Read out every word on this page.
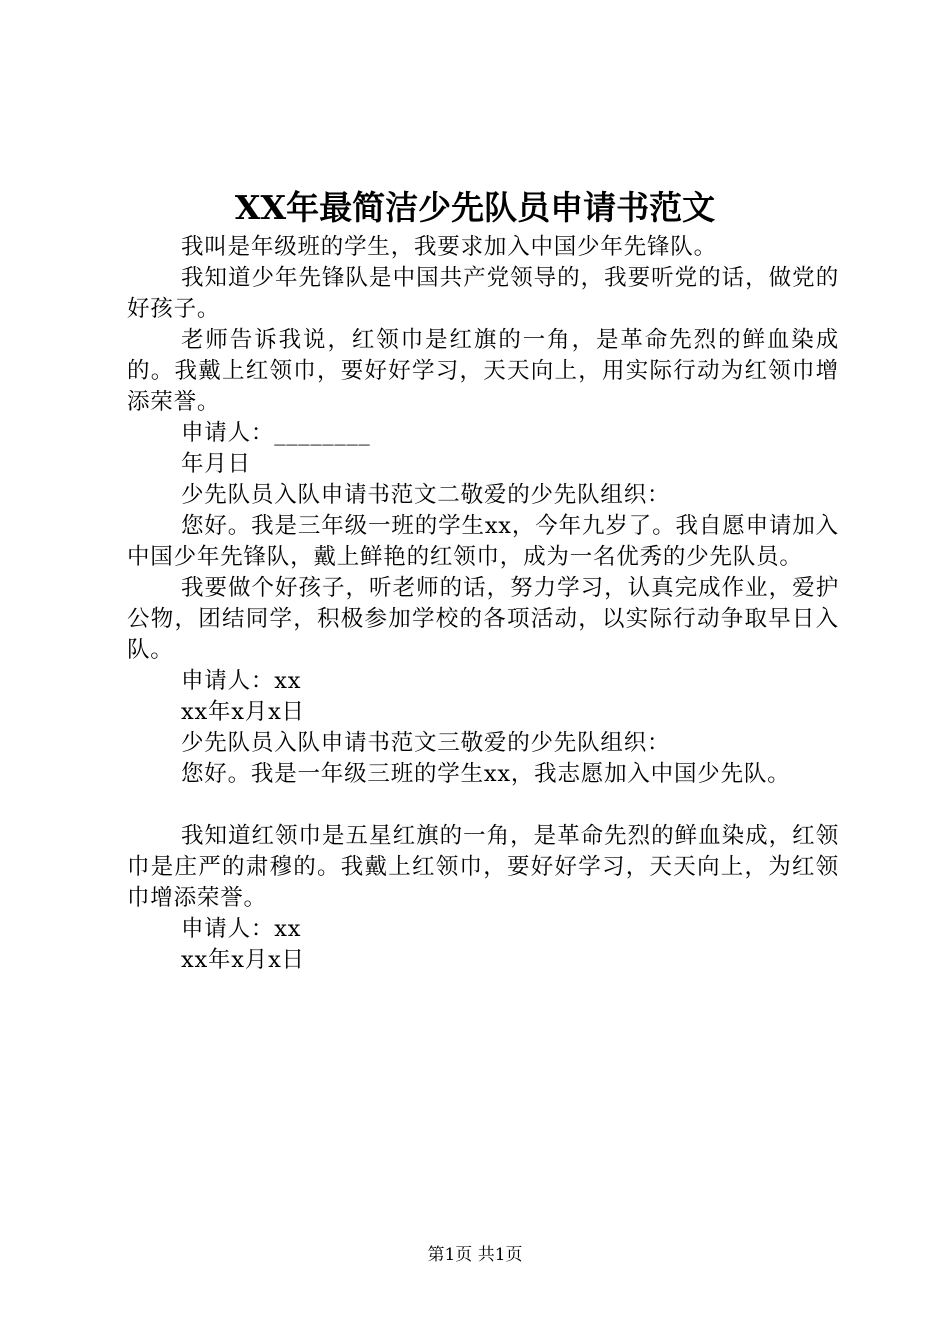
XX年最简洁少先队员申请书范文

我叫是年级班的学生，我要求加入中国少年先锋队。

我知道少年先锋队是中国共产党领导的，我要听党的话，做党的好孩子。

老师告诉我说，红领巾是红旗的一角，是革命先烈的鲜血染成的。我戴上红领巾，要好好学习，天天向上，用实际行动为红领巾增添荣誉。

申请人：________

年月日

少先队员入队申请书范文二敬爱的少先队组织：

您好。我是三年级一班的学生xx，今年九岁了。我自愿申请加入中国少年先锋队，戴上鲜艳的红领巾，成为一名优秀的少先队员。

我要做个好孩子，听老师的话，努力学习，认真完成作业，爱护公物，团结同学，积极参加学校的各项活动，以实际行动争取早日入队。

申请人：xx

xx年x月x日

少先队员入队申请书范文三敬爱的少先队组织：

您好。我是一年级三班的学生xx，我志愿加入中国少先队。

我知道红领巾是五星红旗的一角，是革命先烈的鲜血染成，红领巾是庄严的肃穆的。我戴上红领巾，要好好学习，天天向上，为红领巾增添荣誉。

申请人：xx

xx年x月x日

第1页 共1页
